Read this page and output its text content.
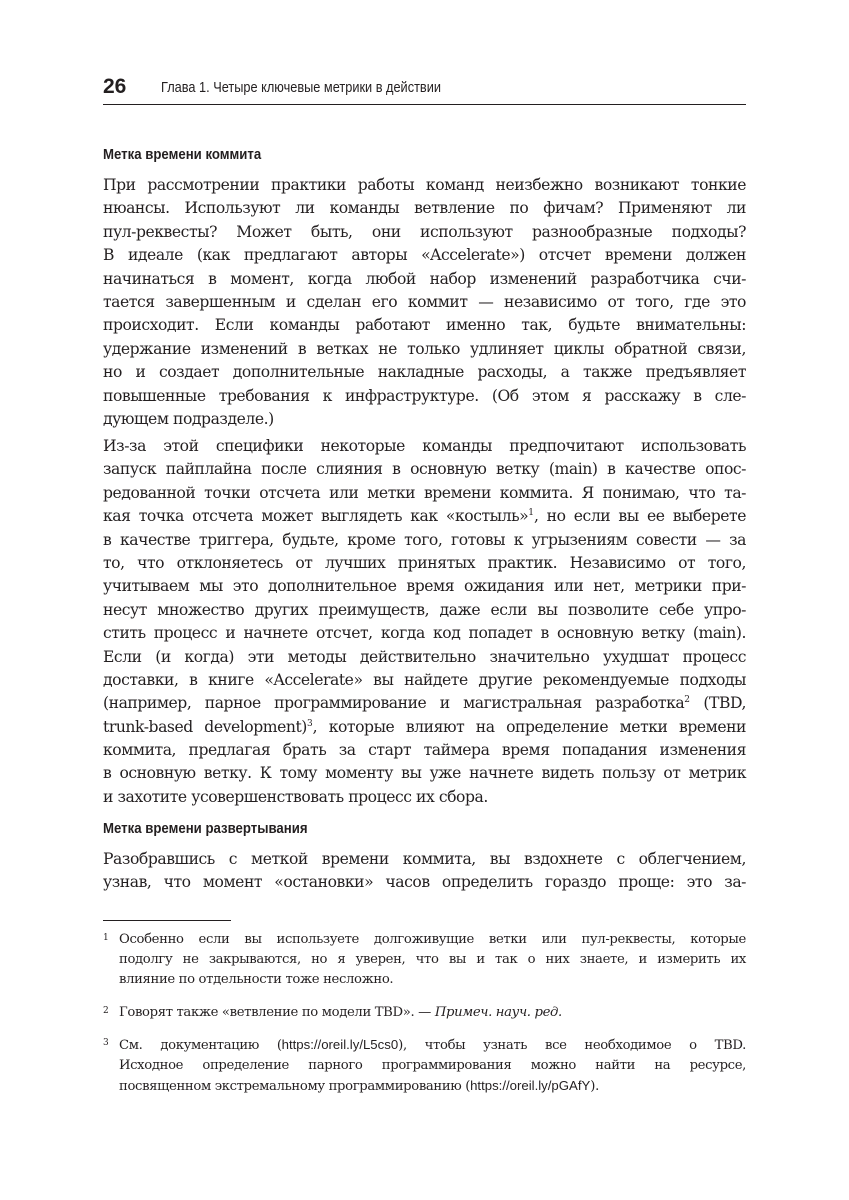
26 Глава 1. Четыре ключевые метрики в действии
Метка времени коммита
При рассмотрении практики работы команд неизбежно возникают тонкие
нюансы. Используют ли команды ветвление по фичам? Применяют ли
пул-реквесты? Может быть, они используют разнообразные подходы?
В идеале (как предлагают авторы «Accelerate») отсчет времени должен
начинаться в момент, когда любой набор изменений разработчика счи-
тается завершенным и сделан его коммит — независимо от того, где это
происходит. Если команды работают именно так, будьте внимательны:
удержание изменений в ветках не только удлиняет циклы обратной связи,
но и создает дополнительные накладные расходы, а также предъявляет
повышенные требования к инфраструктуре. (Об этом я расскажу в сле-
дующем подразделе.)
Из-за этой специфики некоторые команды предпочитают использовать
запуск пайплайна после слияния в основную ветку (main) в качестве опос-
редованной точки отсчета или метки времени коммита. Я понимаю, что та-
кая точка отсчета может выглядеть как «костыль»$^1$, но если вы ее выберете
в качестве триггера, будьте, кроме того, готовы к угрызениям совести — за
то, что отклоняетесь от лучших принятых практик. Независимо от того,
учитываем мы это дополнительное время ожидания или нет, метрики при-
несут множество других преимуществ, даже если вы позволите себе упро-
стить процесс и начнете отсчет, когда код попадет в основную ветку (main).
Если (и когда) эти методы действительно значительно ухудшат процесс
доставки, в книге «Accelerate» вы найдете другие рекомендуемые подходы
(например, парное программирование и магистральная разработка$^2$ (TBD,
trunk-based development)$^3$, которые влияют на определение метки времени
коммита, предлагая брать за старт таймера время попадания изменения
в основную ветку. К тому моменту вы уже начнете видеть пользу от метрик
и захотите усовершенствовать процесс их сбора.
Метка времени развертывания
Разобравшись с меткой времени коммита, вы вздохнете с облегчением,
узнав, что момент «остановки» часов определить гораздо проще: это за-
1 Особенно если вы используете долгоживущие ветки или пул-реквесты, которые
подолгу не закрываются, но я уверен, что вы и так о них знаете, и измерить их
влияние по отдельности тоже несложно.
2 Говорят также «ветвление по модели TBD». — Примеч. науч. ред.
3 См. документацию (https://oreil.ly/L5cs0), чтобы узнать все необходимое о TBD.
Исходное определение парного программирования можно найти на ресурсе,
посвященном экстремальному программированию (https://oreil.ly/pGAfY).
